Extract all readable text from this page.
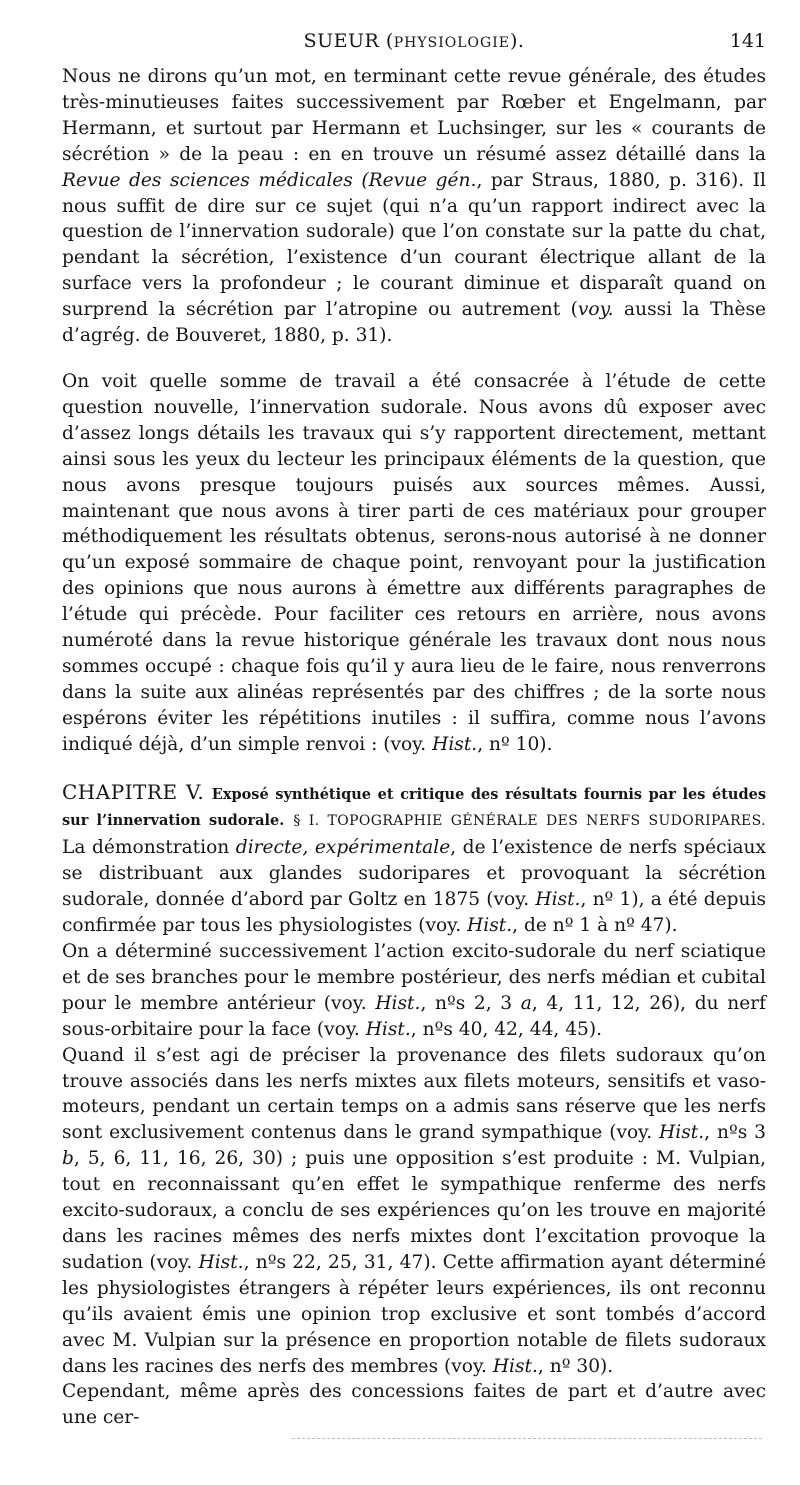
SUEUR (PHYSIOLOGIE).	141

Nous ne dirons qu’un mot, en terminant cette revue générale, des études très-minutieuses faites successivement par Rœber et Engelmann, par Hermann, et surtout par Hermann et Luchsinger, sur les « courants de sécrétion » de la peau : en en trouve un résumé assez détaillé dans la Revue des sciences médicales (Revue gén., par Straus, 1880, p. 316). Il nous suffit de dire sur ce sujet (qui n’a qu’un rapport indirect avec la question de l’innervation sudorale) que l’on constate sur la patte du chat, pendant la sécrétion, l’existence d’un courant électrique allant de la surface vers la profondeur ; le courant diminue et disparaît quand on surprend la sécrétion par l’atropine ou autrement (voy. aussi la Thèse d’agrég. de Bouveret, 1880, p. 31).

On voit quelle somme de travail a été consacrée à l’étude de cette question nouvelle, l’innervation sudorale. Nous avons dû exposer avec d’assez longs détails les travaux qui s’y rapportent directement, mettant ainsi sous les yeux du lecteur les principaux éléments de la question, que nous avons presque toujours puisés aux sources mêmes. Aussi, maintenant que nous avons à tirer parti de ces matériaux pour grouper méthodiquement les résultats obtenus, serons-nous autorisé à ne donner qu’un exposé sommaire de chaque point, renvoyant pour la justification des opinions que nous aurons à émettre aux différents paragraphes de l’étude qui précède. Pour faciliter ces retours en arrière, nous avons numéroté dans la revue historique générale les travaux dont nous nous sommes occupé : chaque fois qu’il y aura lieu de le faire, nous renverrons dans la suite aux alinéas représentés par des chiffres ; de la sorte nous espérons éviter les répétitions inutiles : il suffira, comme nous l’avons indiqué déjà, d’un simple renvoi : (voy. Hist., nº 10).

CHAPITRE V. Exposé synthétique et critique des résultats fournis par les études sur l’innervation sudorale. § I. TOPOGRAPHIE GÉNÉRALE DES NERFS SUDORIPARES. La démonstration directe, expérimentale, de l’existence de nerfs spéciaux se distribuant aux glandes sudoripares et provoquant la sécrétion sudorale, donnée d’abord par Goltz en 1875 (voy. Hist., nº 1), a été depuis confirmée par tous les physiologistes (voy. Hist., de nº 1 à nº 47).

On a déterminé successivement l’action excito-sudorale du nerf sciatique et de ses branches pour le membre postérieur, des nerfs médian et cubital pour le membre antérieur (voy. Hist., nºs 2, 3 a, 4, 11, 12, 26), du nerf sous-orbitaire pour la face (voy. Hist., nºs 40, 42, 44, 45).

Quand il s’est agi de préciser la provenance des filets sudoraux qu’on trouve associés dans les nerfs mixtes aux filets moteurs, sensitifs et vaso-moteurs, pendant un certain temps on a admis sans réserve que les nerfs sont exclusivement contenus dans le grand sympathique (voy. Hist., nºs 3 b, 5, 6, 11, 16, 26, 30) ; puis une opposition s’est produite : M. Vulpian, tout en reconnaissant qu’en effet le sympathique renferme des nerfs excito-sudoraux, a conclu de ses expériences qu’on les trouve en majorité dans les racines mêmes des nerfs mixtes dont l’excitation provoque la sudation (voy. Hist., nºs 22, 25, 31, 47). Cette affirmation ayant déterminé les physiologistes étrangers à répéter leurs expériences, ils ont reconnu qu’ils avaient émis une opinion trop exclusive et sont tombés d’accord avec M. Vulpian sur la présence en proportion notable de filets sudoraux dans les racines des nerfs des membres (voy. Hist., nº 30).

Cependant, même après des concessions faites de part et d’autre avec une cer-
